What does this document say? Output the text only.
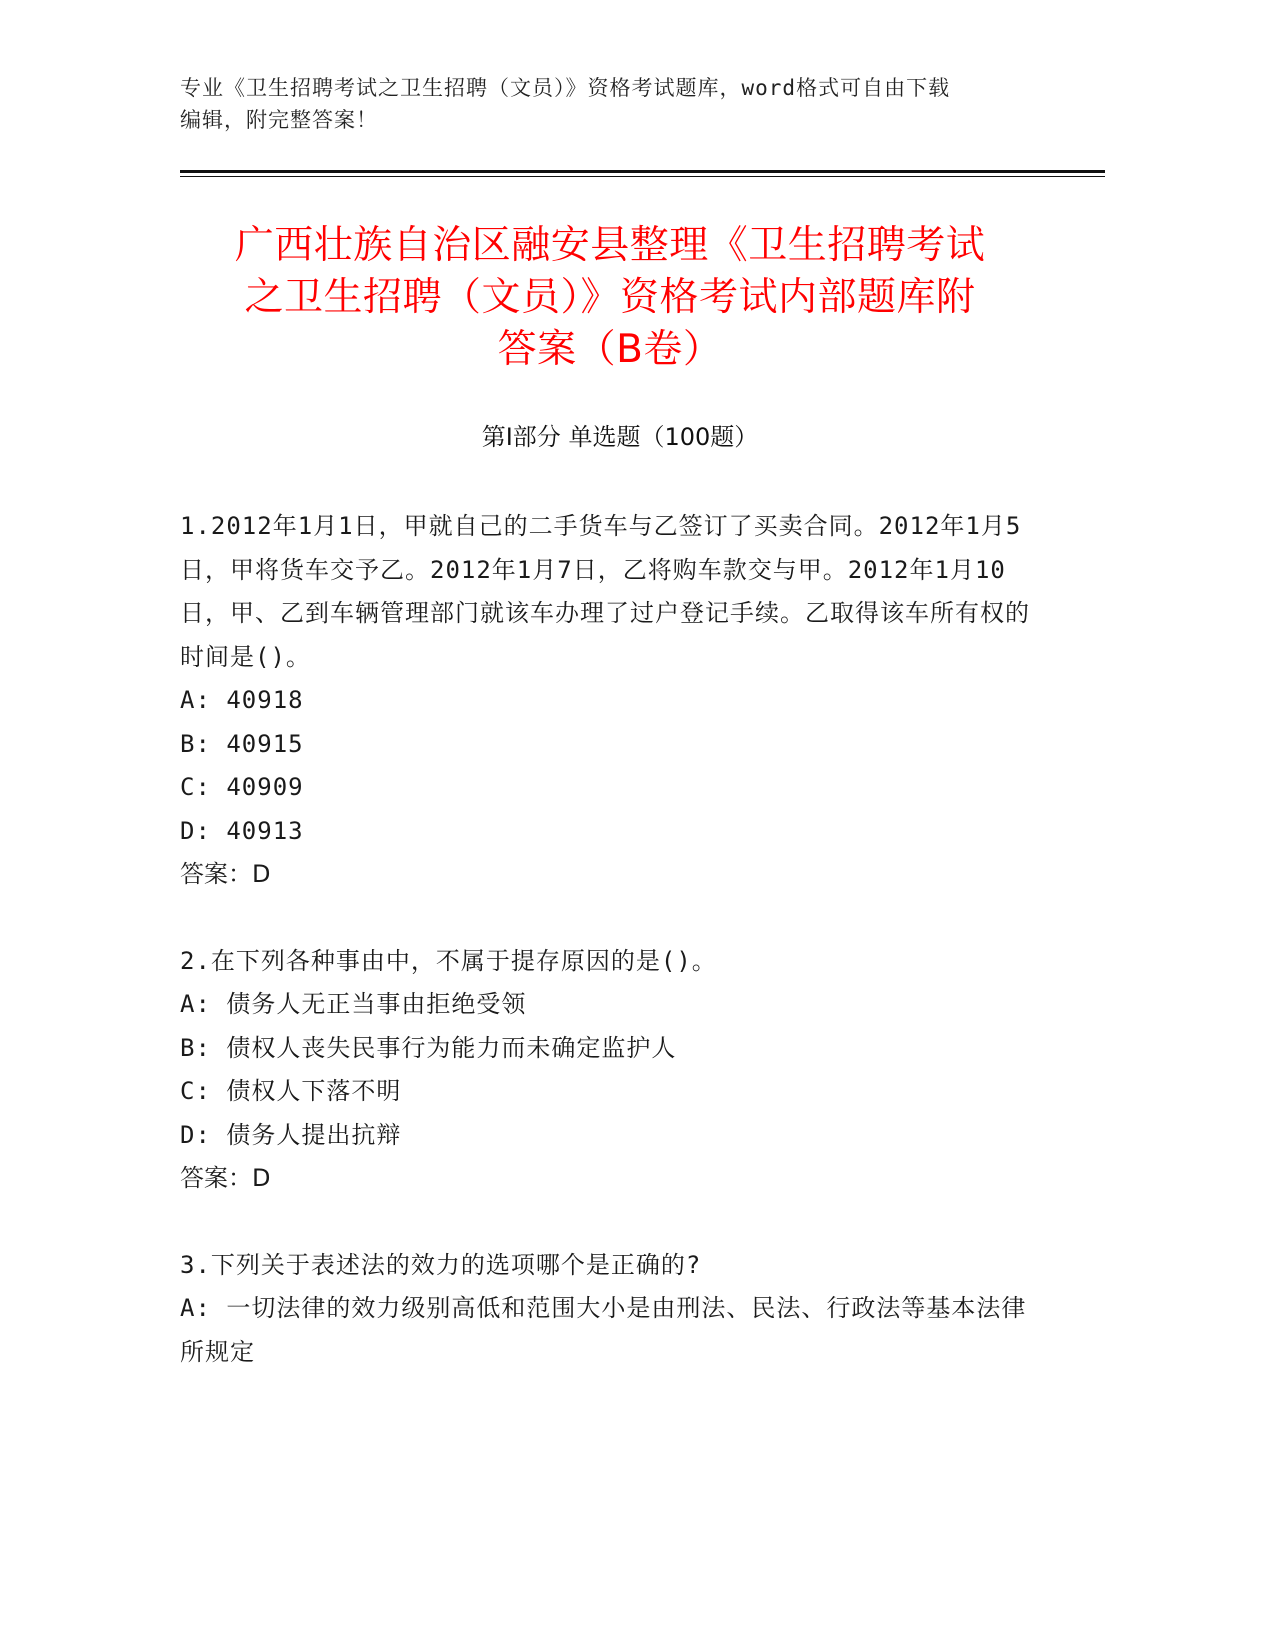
专业《卫生招聘考试之卫生招聘（文员）》资格考试题库，word格式可自由下载
编辑，附完整答案！
广西壮族自治区融安县整理《卫生招聘考试
之卫生招聘（文员）》资格考试内部题库附
答案（B卷）
第Ⅰ部分 单选题（100题）

1.2012年1月1日，甲就自己的二手货车与乙签订了买卖合同。2012年1月5日，甲将货车交予乙。2012年1月7日，乙将购车款交与甲。2012年1月10日，甲、乙到车辆管理部门就该车办理了过户登记手续。乙取得该车所有权的时间是()。

A: 40918

B: 40915

C: 40909

D: 40913

答案：D

2.在下列各种事由中，不属于提存原因的是()。

A: 债务人无正当事由拒绝受领

B: 债权人丧失民事行为能力而未确定监护人

C: 债权人下落不明

D: 债务人提出抗辩

答案：D

3.下列关于表述法的效力的选项哪个是正确的?

A: 一切法律的效力级别高低和范围大小是由刑法、民法、行政法等基本法律所规定
